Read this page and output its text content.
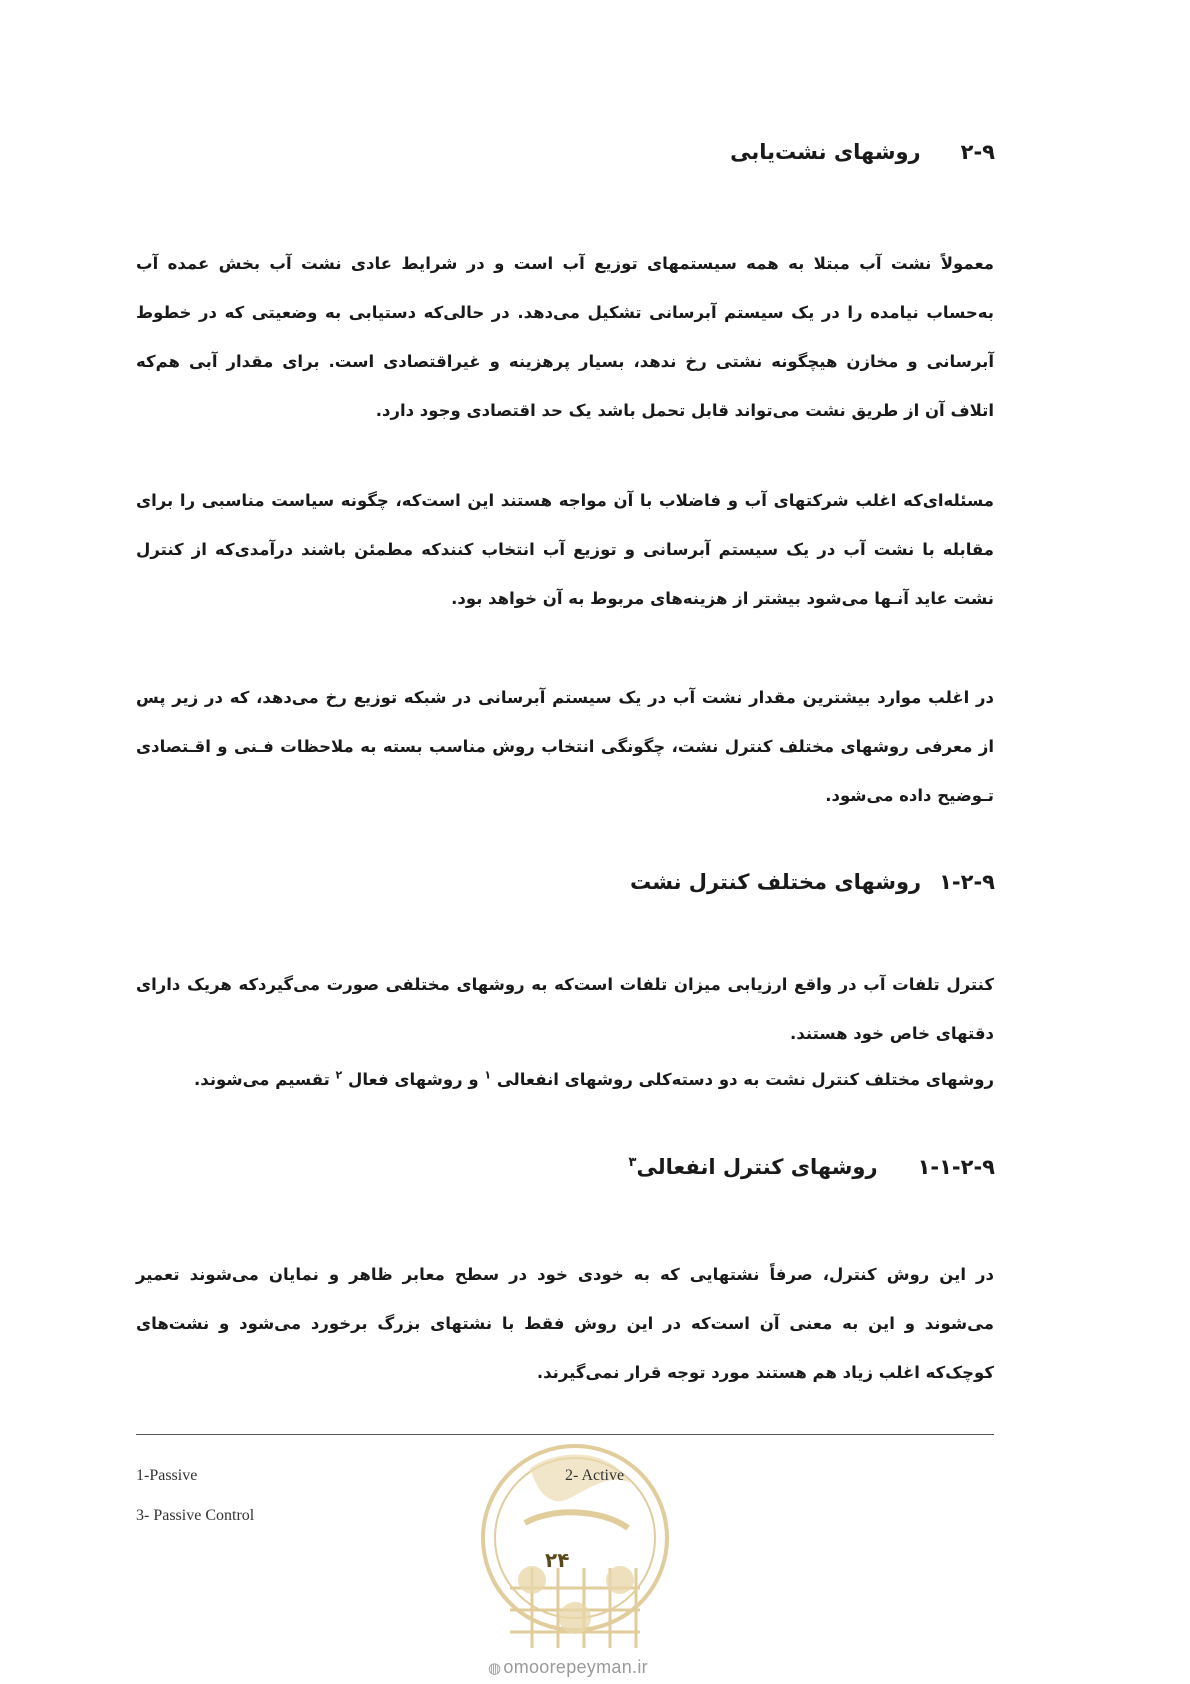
۲-۹روشهای نشت‌یابی
معمولاً نشت آب مبتلا به همه سیستمهای توزیع آب است و در شرایط عادی نشت آب بخش عمده آب به‌حساب نیامده را در یک سیستم آبرسانی تشکیل می‌دهد. در حالی‌که دستیابی به وضعیتی که در خطوط آبرسانی و مخازن هیچگونه نشتی رخ ندهد، بسیار پرهزینه و غیراقتصادی است. برای مقدار آبی هم‌که اتلاف آن از طریق نشت می‌تواند قابل تحمل باشد یک حد اقتصادی وجود دارد.
مسئله‌ای‌که اغلب شرکتهای آب و فاضلاب با آن مواجه هستند این است‌که، چگونه سیاست مناسبی را برای مقابله با نشت آب در یک سیستم آبرسانی و توزیع آب انتخاب کنند‌که مطمئن باشند درآمدی‌که از کنترل نشت عاید آنـها می‌شود بیشتر از هزینه‌های مربوط به آن خواهد بود.
در اغلب موارد بیشترین مقدار نشت آب در یک سیستم آبرسانی در شبکه توزیع رخ می‌دهد، که در زیر پس از معرفی روشهای مختلف کنترل نشت، چگونگی انتخاب روش مناسب بسته به ملاحظات فـنی و اقـتصادی تـوضیح داده می‌شود.
۱-۲-۹روشهای مختلف کنترل نشت
کنترل تلفات آب در واقع ارزیابی میزان تلفات است‌که به روشهای مختلفی صورت می‌گیرد‌که هریک دارای دقتهای خاص خود هستند.
روشهای مختلف کنترل نشت به دو دسته‌کلی روشهای انفعالی $^۱$ و روشهای فعال $^۲$ تقسیم می‌شوند.
۱-۱-۲-۹روشهای کنترل انفعالی$^۳$
در این روش کنترل، صرفاً نشتهایی که به خودی خود در سطح معابر ظاهر و نمایان می‌شوند تعمیر می‌شوند و این به معنی آن است‌که در این روش فقط با نشتهای بزرگ برخورد می‌شود و نشت‌های کوچک‌که اغلب زیاد هم هستند مورد توجه قرار نمی‌گیرند.
1-Passive	2- Active
3- Passive Control
۲۴
◍ omoorepeyman.ir
